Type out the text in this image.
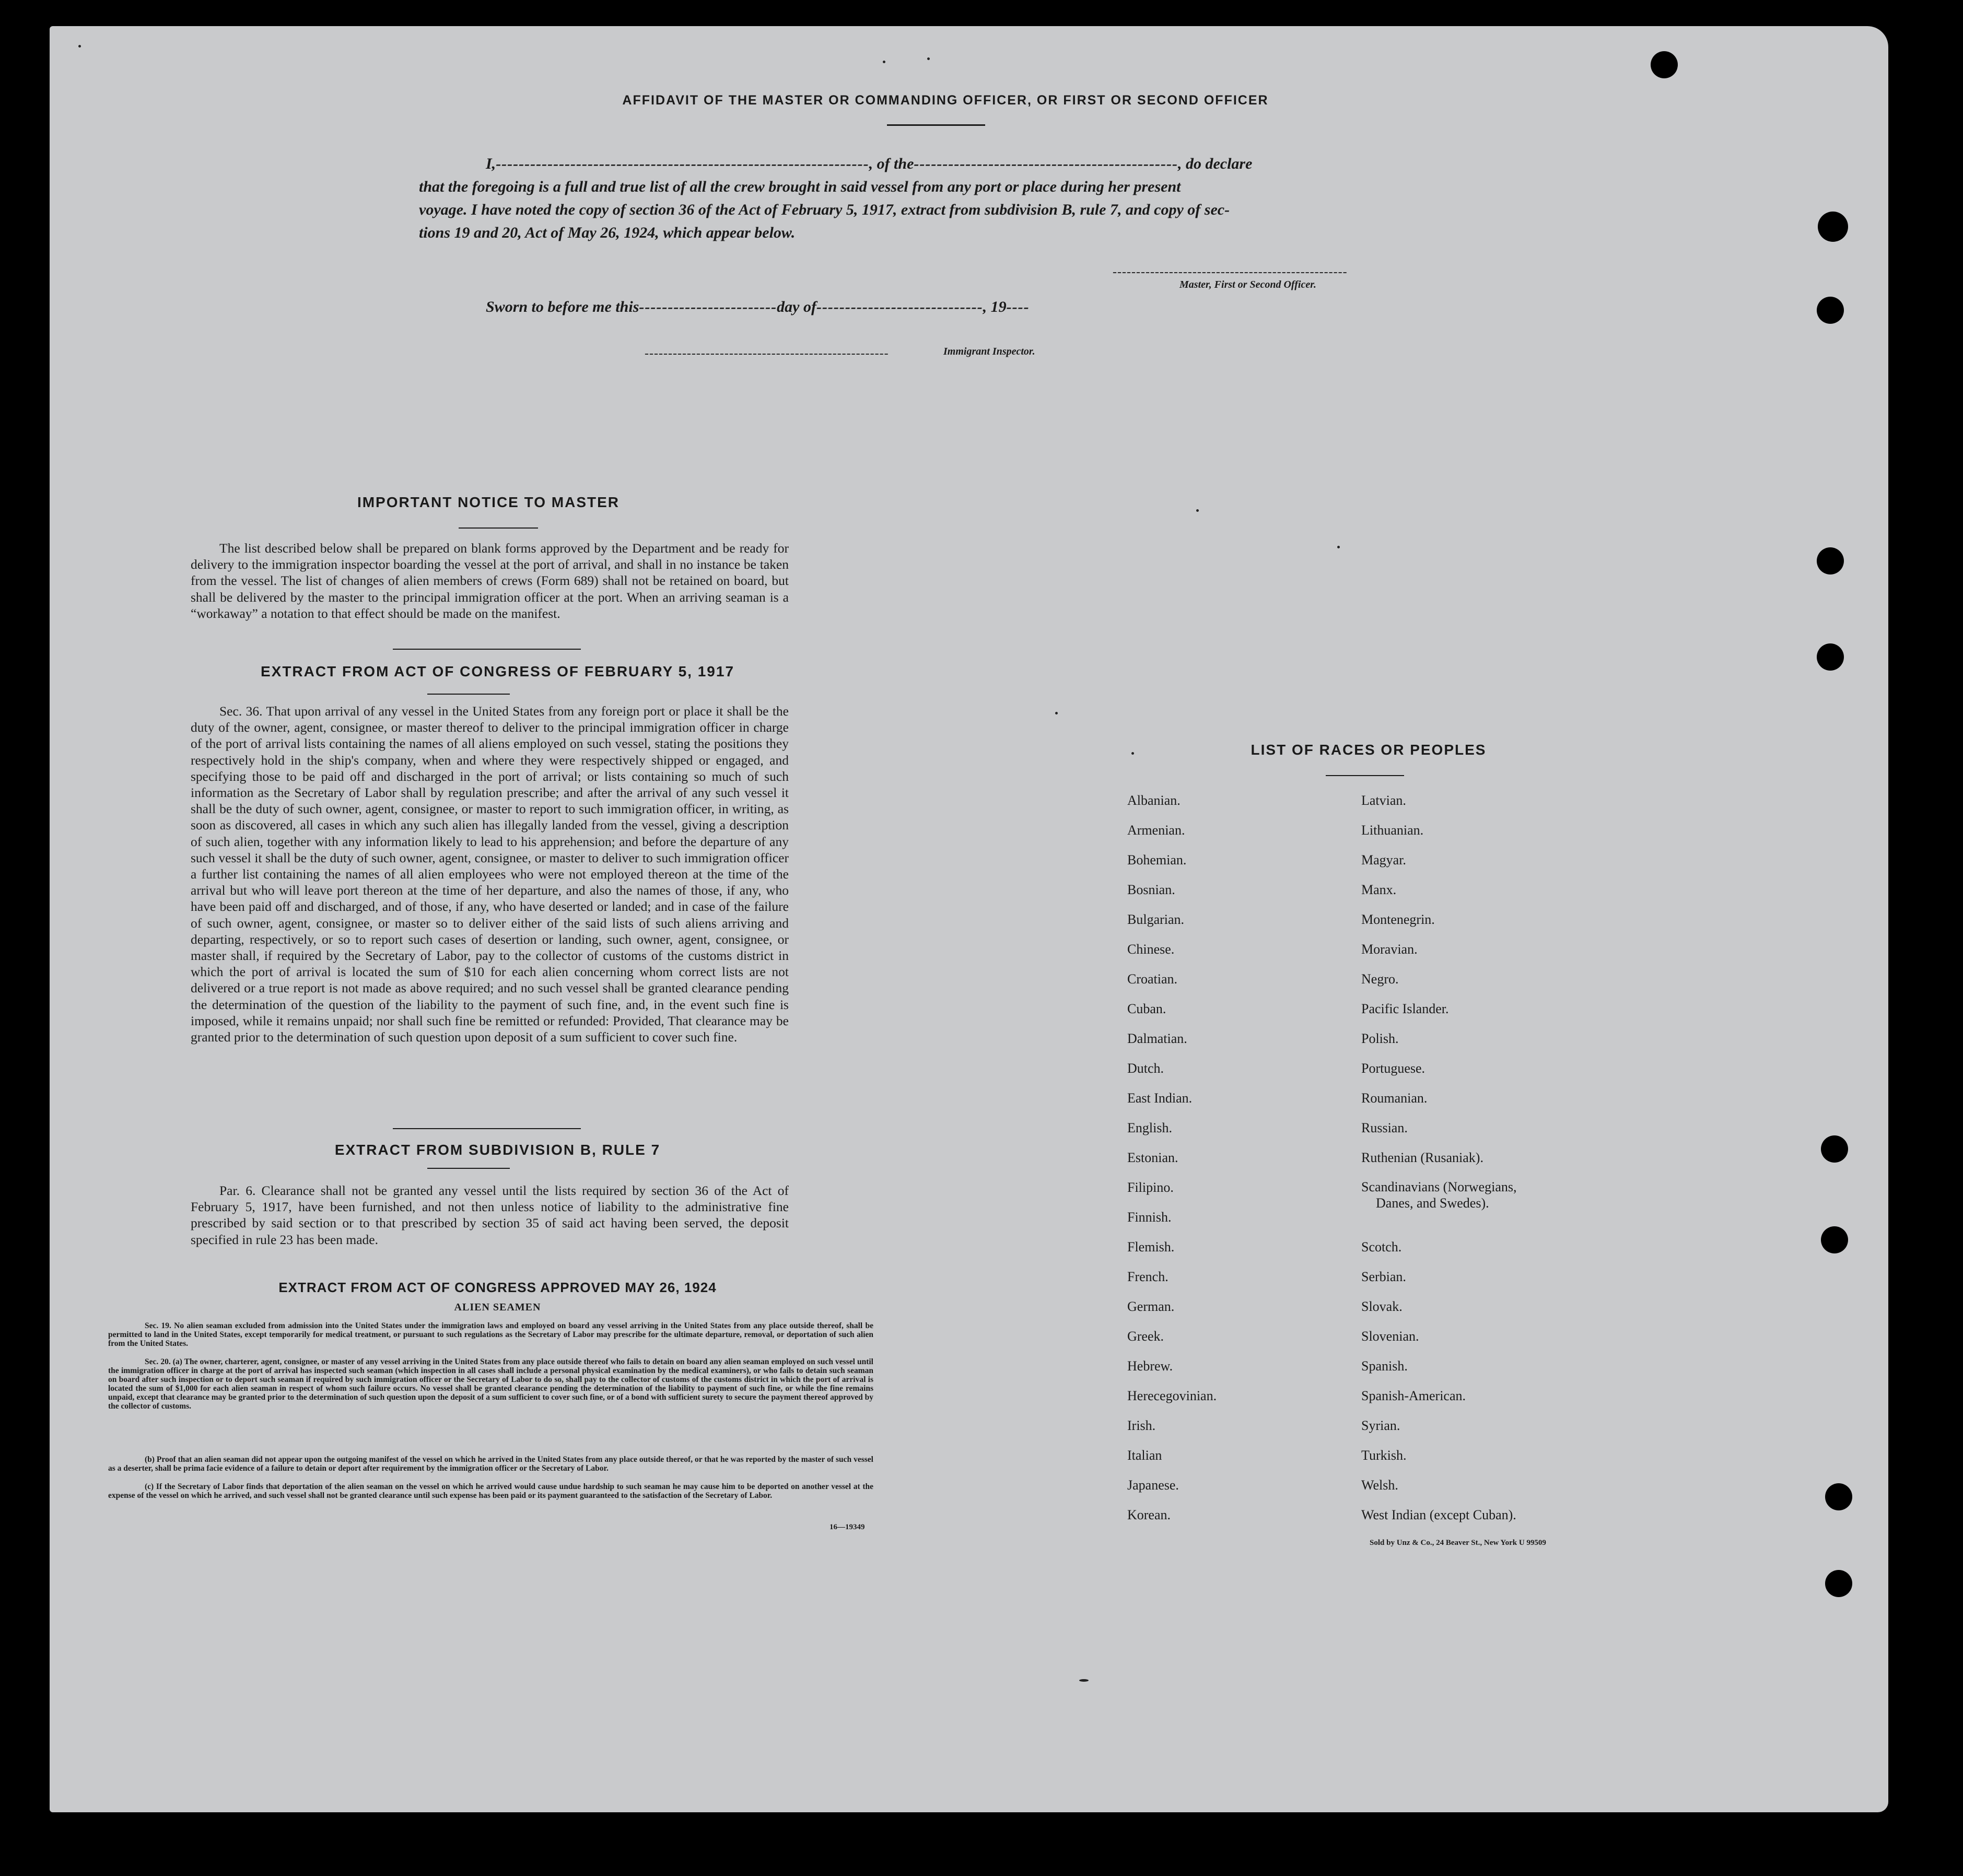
AFFIDAVIT OF THE MASTER OR COMMANDING OFFICER, OR FIRST OR SECOND OFFICER
I,-----------------------------------------------------------------, of the----------------------------------------------, do declare
that the foregoing is a full and true list of all the crew brought in said vessel from any port or place during her present
voyage. I have noted the copy of section 36 of the Act of February 5, 1917, extract from subdivision B, rule 7, and copy of sec-
tions 19 and 20, Act of May 26, 1924, which appear below.
--------------------------------------------------
Master, First or Second Officer.
Sworn to before me this------------------------day of-----------------------------, 19----
----------------------------------------------------	Immigrant Inspector.
IMPORTANT NOTICE TO MASTER
The list described below shall be prepared on blank forms approved by the Department and be ready for delivery to the immigration inspector boarding the vessel at the port of arrival, and shall in no instance be taken from the vessel. The list of changes of alien members of crews (Form 689) shall not be retained on board, but shall be delivered by the master to the principal immigration officer at the port. When an arriving seaman is a “workaway” a notation to that effect should be made on the manifest.
EXTRACT FROM ACT OF CONGRESS OF FEBRUARY 5, 1917
Sec. 36. That upon arrival of any vessel in the United States from any foreign port or place it shall be the duty of the owner, agent, consignee, or master thereof to deliver to the principal immigration officer in charge of the port of arrival lists containing the names of all aliens employed on such vessel, stating the positions they respectively hold in the ship's company, when and where they were respectively shipped or engaged, and specifying those to be paid off and discharged in the port of arrival; or lists containing so much of such information as the Secretary of Labor shall by regulation prescribe; and after the arrival of any such vessel it shall be the duty of such owner, agent, consignee, or master to report to such immigration officer, in writing, as soon as discovered, all cases in which any such alien has illegally landed from the vessel, giving a description of such alien, together with any information likely to lead to his apprehension; and before the departure of any such vessel it shall be the duty of such owner, agent, consignee, or master to deliver to such immigration officer a further list containing the names of all alien employees who were not employed thereon at the time of the arrival but who will leave port thereon at the time of her departure, and also the names of those, if any, who have been paid off and discharged, and of those, if any, who have deserted or landed; and in case of the failure of such owner, agent, consignee, or master so to deliver either of the said lists of such aliens arriving and departing, respectively, or so to report such cases of desertion or landing, such owner, agent, consignee, or master shall, if required by the Secretary of Labor, pay to the collector of customs of the customs district in which the port of arrival is located the sum of $10 for each alien concerning whom correct lists are not delivered or a true report is not made as above required; and no such vessel shall be granted clearance pending the determination of the question of the liability to the payment of such fine, and, in the event such fine is imposed, while it remains unpaid; nor shall such fine be remitted or refunded: Provided, That clearance may be granted prior to the determination of such question upon deposit of a sum sufficient to cover such fine.
EXTRACT FROM SUBDIVISION B, RULE 7
Par. 6. Clearance shall not be granted any vessel until the lists required by section 36 of the Act of February 5, 1917, have been furnished, and not then unless notice of liability to the administrative fine prescribed by said section or to that prescribed by section 35 of said act having been served, the deposit specified in rule 23 has been made.
EXTRACT FROM ACT OF CONGRESS APPROVED MAY 26, 1924
ALIEN SEAMEN
Sec. 19. No alien seaman excluded from admission into the United States under the immigration laws and employed on board any vessel arriving in the United States from any place outside thereof, shall be permitted to land in the United States, except temporarily for medical treatment, or pursuant to such regulations as the Secretary of Labor may prescribe for the ultimate departure, removal, or deportation of such alien from the United States.
Sec. 20. (a) The owner, charterer, agent, consignee, or master of any vessel arriving in the United States from any place outside thereof who fails to detain on board any alien seaman employed on such vessel until the immigration officer in charge at the port of arrival has inspected such seaman (which inspection in all cases shall include a personal physical examination by the medical examiners), or who fails to detain such seaman on board after such inspection or to deport such seaman if required by such immigration officer or the Secretary of Labor to do so, shall pay to the collector of customs of the customs district in which the port of arrival is located the sum of $1,000 for each alien seaman in respect of whom such failure occurs. No vessel shall be granted clearance pending the determination of the liability to payment of such fine, or while the fine remains unpaid, except that clearance may be granted prior to the determination of such question upon the deposit of a sum sufficient to cover such fine, or of a bond with sufficient surety to secure the payment thereof approved by the collector of customs.
(b) Proof that an alien seaman did not appear upon the outgoing manifest of the vessel on which he arrived in the United States from any place outside thereof, or that he was reported by the master of such vessel as a deserter, shall be prima facie evidence of a failure to detain or deport after requirement by the immigration officer or the Secretary of Labor.
(c) If the Secretary of Labor finds that deportation of the alien seaman on the vessel on which he arrived would cause undue hardship to such seaman he may cause him to be deported on another vessel at the expense of the vessel on which he arrived, and such vessel shall not be granted clearance until such expense has been paid or its payment guaranteed to the satisfaction of the Secretary of Labor.
16—19349
LIST OF RACES OR PEOPLES
Albanian.
Armenian.
Bohemian.
Bosnian.
Bulgarian.
Chinese.
Croatian.
Cuban.
Dalmatian.
Dutch.
East Indian.
English.
Estonian.
Filipino.
Finnish.
Flemish.
French.
German.
Greek.
Hebrew.
Herecegovinian.
Irish.
Italian
Japanese.
Korean.
Latvian.
Lithuanian.
Magyar.
Manx.
Montenegrin.
Moravian.
Negro.
Pacific Islander.
Polish.
Portuguese.
Roumanian.
Russian.
Ruthenian (Rusaniak).
Scandinavians (Norwegians,
Danes, and Swedes).
Scotch.
Serbian.
Slovak.
Slovenian.
Spanish.
Spanish-American.
Syrian.
Turkish.
Welsh.
West Indian (except Cuban).
Sold by Unz & Co., 24 Beaver St., New York U 99509
